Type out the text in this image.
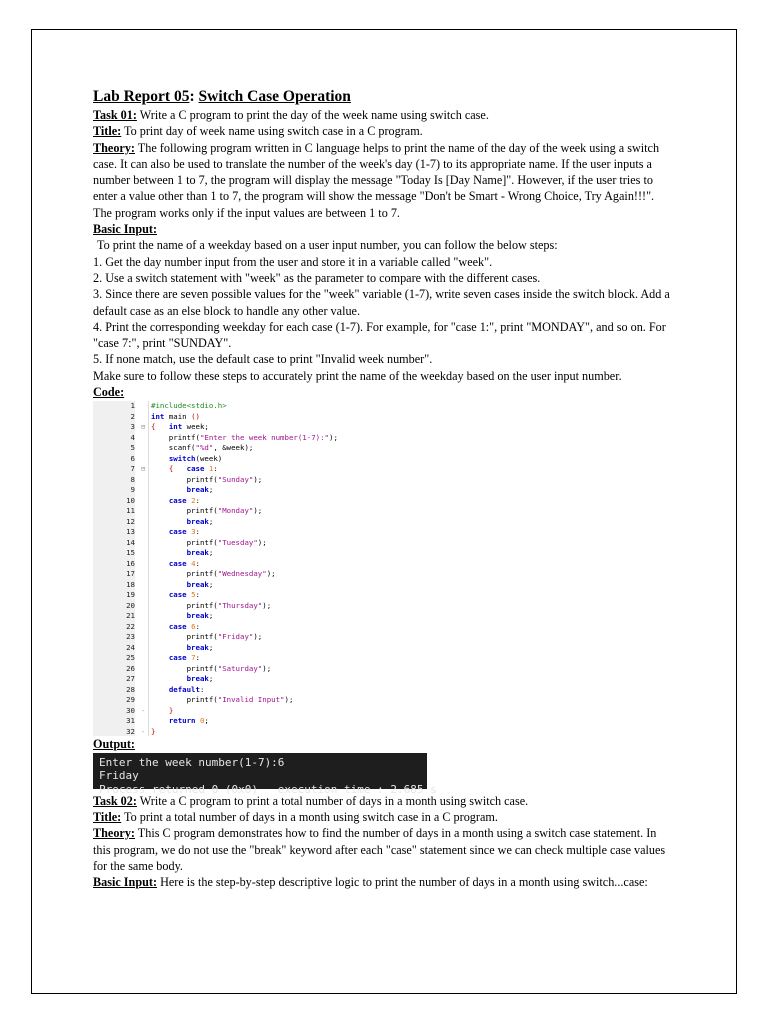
Lab Report 05: Switch Case Operation

Task 01: Write a C program to print the day of the week name using switch case.

Title: To print day of week name using switch case in a C program.

Theory: The following program written in C language helps to print the name of the day of the week using a switch case. It can also be used to translate the number of the week's day (1-7) to its appropriate name. If the user inputs a number between 1 to 7, the program will display the message "Today Is [Day Name]". However, if the user tries to enter a value other than 1 to 7, the program will show the message "Don't be Smart - Wrong Choice, Try Again!!!". The program works only if the input values are between 1 to 7.

Basic Input:

To print the name of a weekday based on a user input number, you can follow the below steps:

1. Get the day number input from the user and store it in a variable called "week".

2. Use a switch statement with "week" as the parameter to compare with the different cases.

3. Since there are seven possible values for the "week" variable (1-7), write seven cases inside the switch block. Add a default case as an else block to handle any other value.

4. Print the corresponding weekday for each case (1-7). For example, for "case 1:", print "MONDAY", and so on. For "case 7:", print "SUNDAY".

5. If none match, use the default case to print "Invalid week number".

Make sure to follow these steps to accurately print the name of the weekday based on the user input number.

Code:

1 #include<stdio.h>
2 int main ()
3 ⊟ { int week;
4 printf("Enter the week number(1-7):");
5 scanf("%d", &week);
6	switch(week)
7 ⊟	{ case 1:
8 printf("Sunday");
9	break;
10	case 2:
11 printf("Monday");
12	break;
13	case 3:
14 printf("Tuesday");
15	break;
16	case 4:
17 printf("Wednesday");
18	break;
19	case 5:
20 printf("Thursday");
21	break;
22	case 6:
23 printf("Friday");
24	break;
25	case 7:
26 printf("Saturday");
27	break;
28	default:
29 printf("Invalid Input");
30 -	}
31	return 0;
32 - }

Output:

Enter the week number(1-7):6
Friday
Process returned 0 (0x0)   execution time : 2.685 s

Task 02: Write a C program to print a total number of days in a month using switch case.

Title: To print a total number of days in a month using switch case in a C program.

Theory: This C program demonstrates how to find the number of days in a month using a switch case statement. In this program, we do not use the "break" keyword after each "case" statement since we can check multiple case values for the same body.

Basic Input: Here is the step-by-step descriptive logic to print the number of days in a month using switch...case:
